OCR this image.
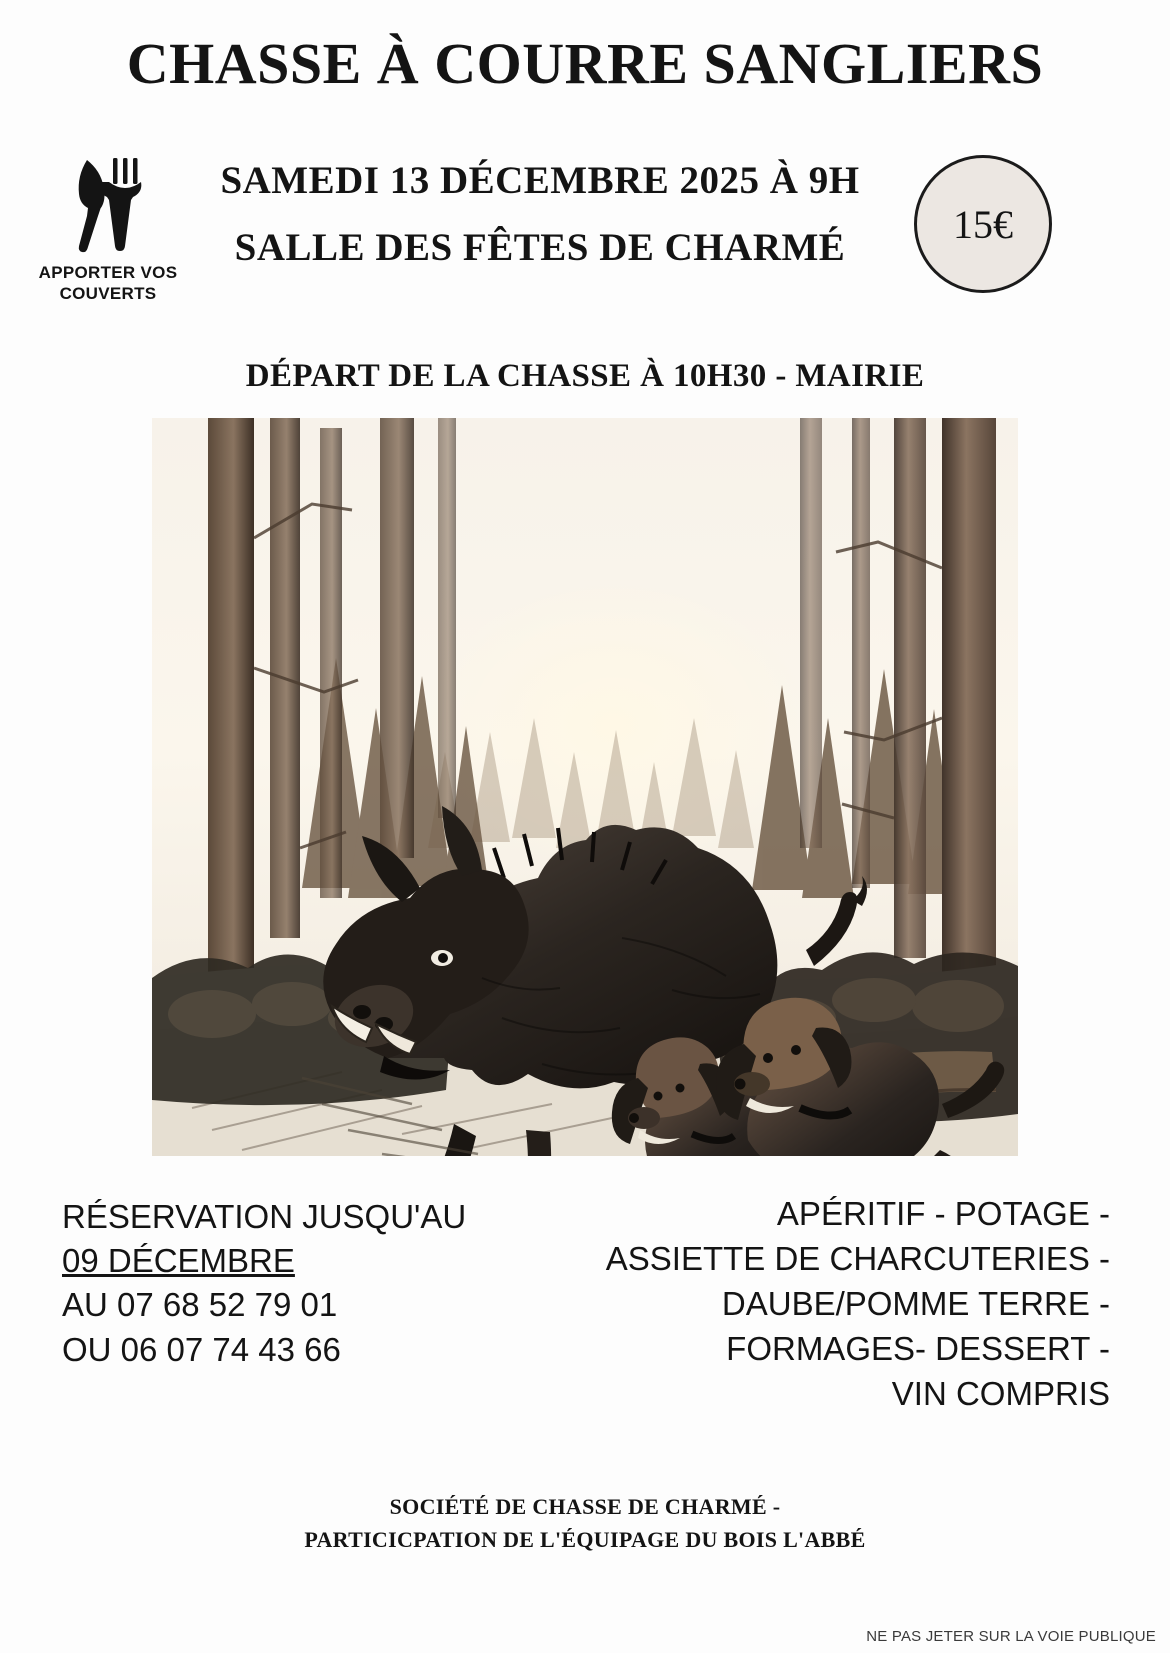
CHASSE À COURRE SANGLIERS
APPORTER VOS
COUVERTS
SAMEDI 13 DÉCEMBRE 2025 À 9H
SALLE DES FÊTES DE CHARMÉ
15€
DÉPART DE LA CHASSE À 10H30 - MAIRIE
RÉSERVATION JUSQU'AU
09 DÉCEMBRE
AU 07 68 52 79 01
OU 06 07 74 43 66
APÉRITIF - POTAGE -
ASSIETTE DE CHARCUTERIES -
DAUBE/POMME TERRE -
FORMAGES- DESSERT -
VIN COMPRIS
SOCIÉTÉ DE CHASSE DE CHARMÉ -
PARTICICPATION DE L'ÉQUIPAGE DU BOIS L'ABBÉ
NE PAS JETER SUR LA VOIE PUBLIQUE
